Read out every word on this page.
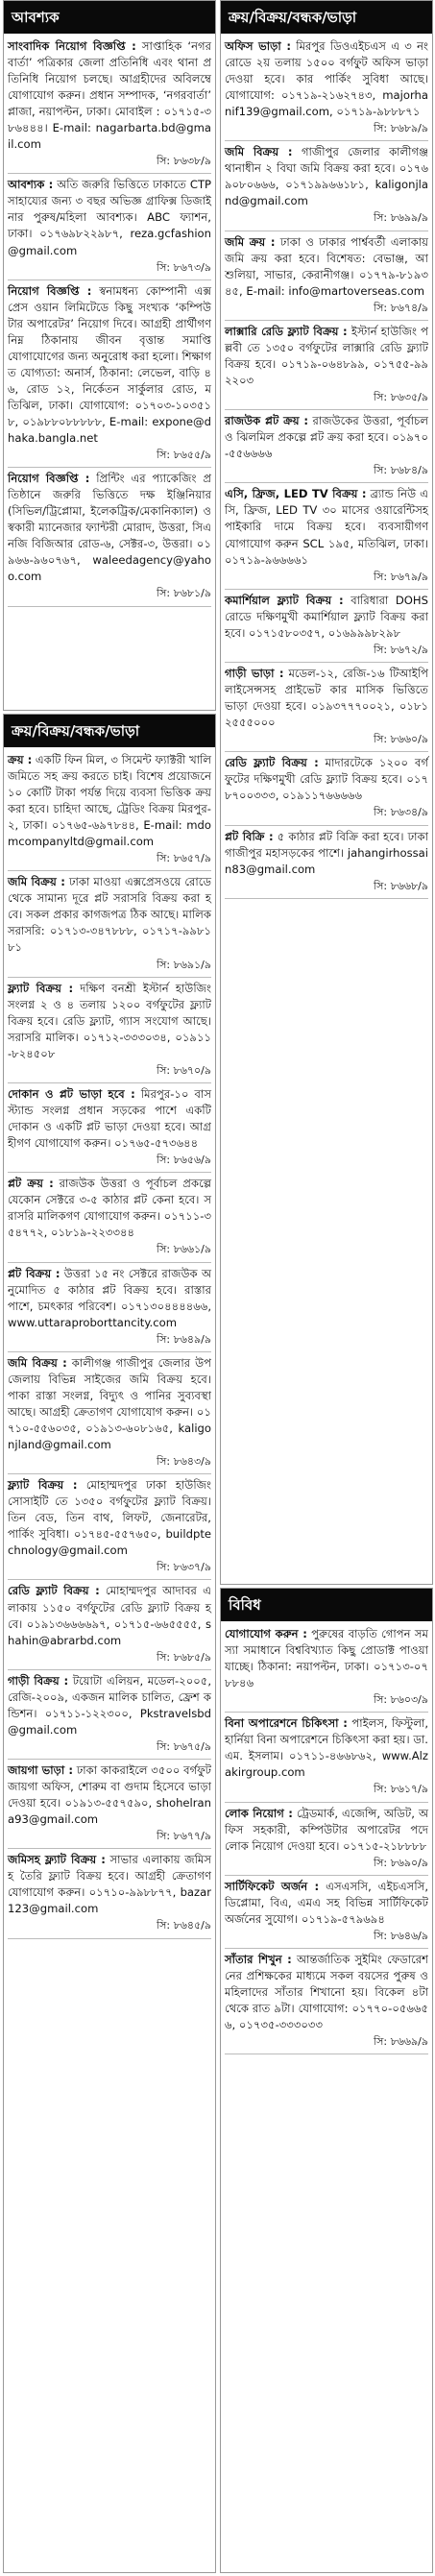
আবশ্যক
সাংবাদিক নিয়োগ বিজ্ঞপ্তি : সাপ্তাহিক ‘নগরবার্তা’ পত্রিকার জেলা প্রতিনিধি এবং থানা প্রতিনিধি নিয়োগ চলছে। আগ্রহীদের অবিলম্বে যোগাযোগ করুন। প্রধান সম্পাদক, ‘নগরবার্তা’ প্লাজা, নয়াপল্টন, ঢাকা। মোবাইল : ০১৭১৫-৩৮৬৪৪৪। E-mail: nagarbarta.bd@gmail.com
সি: ৮৬৩৮/৯
আবশ্যক : অতি জরুরি ভিত্তিতে ঢাকাতে CTP সাহায্যের জন্য ৩ বছর অভিজ্ঞ গ্রাফিক্স ডিজাইনার পুরুষ/মহিলা আবশ্যক। ABC ফ্যাশন, ঢাকা। ০১৭৬৯৮২২৯৮৭, reza.gcfashion@gmail.com
সি: ৮৬৭৩/৯
নিয়োগ বিজ্ঞপ্তি : স্বনামধন্য কোম্পানী এক্সপ্রেস ওয়ান লিমিটেডে কিছু সংখ্যক ‘কম্পিউটার অপারেটর’ নিয়োগ দিবে। আগ্রহী প্রার্থীগণ নিম্ন ঠিকানায় জীবন বৃত্তান্ত সমাপ্তি যোগাযোগের জন্য অনুরোধ করা হলো। শিক্ষাগত যোগ্যতা: অনার্স, ঠিকানা: লেভেল, বাড়ি ৪৬, রোড ১২, নির্কেতন সার্কুলার রোড, মতিঝিল, ঢাকা। যোগাযোগ: ০১৭০৩-১০৩৫১৮, ০১৯৮৮০৮৮৮৮৮, E-mail: expone@dhaka.bangla.net
সি: ৮৬৫৫/৯
নিয়োগ বিজ্ঞপ্তি : প্রিন্টিং এর প্যাকেজিং প্রতিষ্ঠানে জরুরি ভিত্তিতে দক্ষ ইঞ্জিনিয়ার (সিভিল/ট্রিপ্লোমা, ইলেকট্রিক/মেকানিক্যাল) ও স্বকারী ম্যানেজার ফ্যান্টরী মোরাদ, উত্তরা, সিএনজি বিজিআর রোড-৬, সেক্টর-৩, উত্তরা। ০১৯৬৬-৯৬০৭৬৭, waleedagency@yahoo.com
সি: ৮৬৮১/৯
ক্রয়/বিক্রয়/বন্ধক/ভাড়া
ক্রয় : একটি ফিন মিল, ৩ সিমেন্ট ফ্যাক্টরী খালি জমিতে সহ ক্রয় করতে চাই। বিশেষ প্রয়োজনে ১০ কোটি টাকা পর্যন্ত দিয়ে ব্যবসা ভিত্তিক ক্রয় করা হবে। চাহিদা আছে, ট্রেডিং বিক্রয় মিরপুর-২, ঢাকা। ০১৭৬৫-৬৯৭৮৪৪, E-mail: mdomcompanyltd@gmail.com
সি: ৮৬৫৭/৯
জমি বিক্রয় : ঢাকা মাওয়া এক্সপ্রেসওয়ে রোডে থেকে সামান্য দূরে প্লট সরাসরি বিক্রয় করা হবে। সকল প্রকার কাগজপত্র ঠিক আছে। মালিক সরাসরি: ০১৭১৩-৩৪৭৮৮৮, ০১৭১৭-৯৯৮১৮১
সি: ৮৬৯১/৯
ফ্ল্যাট বিক্রয় : দক্ষিণ বনশ্রী ইস্টার্ন হাউজিং সংলগ্ন ২ ও ৪ তলায় ১২০০ বর্গফুটের ফ্ল্যাট বিক্রয় হবে। রেডি ফ্ল্যাট, গ্যাস সংযোগ আছে। সরাসরি মালিক। ০১৭১২-৩৩৩০৩৪, ০১৯১১-৮২৪৫০৮
সি: ৮৬৭০/৯
দোকান ও প্লট ভাড়া হবে : মিরপুর-১০ বাসস্ট্যান্ড সংলগ্ন প্রধান সড়কের পাশে একটি দোকান ও একটি প্লট ভাড়া দেওয়া হবে। আগ্রহীগণ যোগাযোগ করুন। ০১৭৬৫-৫৭৩৬৪৪
সি: ৮৬৫৬/৯
প্লট ক্রয় : রাজউক উত্তরা ও পূর্বাচল প্রকল্পে যেকোন সেক্টরে ৩-৫ কাঠার প্লট কেনা হবে। সরাসরি মালিকগণ যোগাযোগ করুন। ০১৭১১-৩৫৪৭৭২, ০১৮১৯-২২৩৩৪৪
সি: ৮৬৬১/৯
প্লট বিক্রয় : উত্তরা ১৫ নং সেক্টরে রাজউক অনুমোদিত ৫ কাঠার প্লট বিক্রয় হবে। রাস্তার পাশে, চমৎকার পরিবেশ। ০১৭১৩০৪৪৪৪৬৬, www.uttaraproborttancity.com
সি: ৮৬৪৯/৯
জমি বিক্রয় : কালীগঞ্জ গাজীপুর জেলার উপজেলায় বিভিন্ন সাইজের জমি বিক্রয় হবে। পাকা রাস্তা সংলগ্ন, বিদ্যুৎ ও পানির সুব্যবস্থা আছে। আগ্রহী ক্রেতাগণ যোগাযোগ করুন। ০১৭১০-৫৫৬০৩৫, ০১৯১৩-৬০৮১৬৫, kaligonjland@gmail.com
সি: ৮৬৪৩/৯
ফ্ল্যাট বিক্রয় : মোহাম্মদপুর ঢাকা হাউজিং সোসাইটি তে ১৩৫০ বর্গফুটের ফ্ল্যাট বিক্রয়। তিন বেড, তিন বাথ, লিফট, জেনারেটর, পার্কিং সুবিধা। ০১৭৪৫-৫৫৭৬৫০, buildptechnology@gmail.com
সি: ৮৬৩৭/৯
রেডি ফ্ল্যাট বিক্রয় : মোহাম্মদপুর আদাবর এলাকায় ১১৫০ বর্গফুটের রেডি ফ্ল্যাট বিক্রয় হবে। ০১৯১৩৬৬৬৬৯৭, ০১৭১৫-৬৬৫৫৫৫, shahin@abrarbd.com
সি: ৮৬৮৫/৯
গাড়ী বিক্রয় : টয়োটা এলিয়ন, মডেল-২০০৫, রেজি-২০০৯, একজন মালিক চালিত, ফ্রেশ কন্ডিশন। ০১৭১১-১২২৩০০, Pkstravelsbd@gmail.com
সি: ৮৬৭৫/৯
জায়গা ভাড়া : ঢাকা কাকরাইলে ৩৫০০ বর্গফুট জায়গা অফিস, শোরুম বা গুদাম হিসেবে ভাড়া দেওয়া হবে। ০১৯১৩-৫৫৭৫৯০, shohelrana93@gmail.com
সি: ৮৬৭৭/৯
জমিসহ ফ্ল্যাট বিক্রয় : সাভার এলাকায় জমিসহ তৈরি ফ্ল্যাট বিক্রয় হবে। আগ্রহী ক্রেতাগণ যোগাযোগ করুন। ০১৭১০-৯৯৮৮৭৭, bazar123@gmail.com
সি: ৮৬৪৫/৯
ক্রয়/বিক্রয়/বন্ধক/ভাড়া
অফিস ভাড়া : মিরপুর ডিওএইচএস এ ৩ নং রোডে ২য় তলায় ১৫০০ বর্গফুট অফিস ভাড়া দেওয়া হবে। কার পার্কিং সুবিধা আছে। যোগাযোগ: ০১৭১৯-২১৬২৭৪৩, majorhanif139@gmail.com, ০১৭১৯-৯৮৮৮৭১
সি: ৮৬৮৯/৯
জমি বিক্রয় : গাজীপুর জেলার কালীগঞ্জ থানাধীন ২ বিঘা জমি বিক্রয় করা হবে। ০১৭৬৯০৮০৬৬৬, ০১৭১৯৯৬৬১৮১, kaligonjland@gmail.com
সি: ৮৬৯৯/৯
জমি ক্রয় : ঢাকা ও ঢাকার পার্শ্ববর্তী এলাকায় জমি ক্রয় করা হবে। বিশেষত: বেভাঞ্জ, আশুলিয়া, সাভার, কেরানীগঞ্জ। ০১৭৭৯-৮১৯৩৪৫, E-mail: info@martoverseas.com
সি: ৮৬৭৪/৯
লাক্সারি রেডি ফ্ল্যাট বিক্রয় : ইস্টার্ন হাউজিং পল্লবী তে ১৩৫০ বর্গফুটের লাক্সারি রেডি ফ্ল্যাট বিক্রয় হবে। ০১৭১৯-০৬৪৮৯৯, ০১৭৫৫-৯৯২২০৩
সি: ৮৬৩৫/৯
রাজউক প্লট ক্রয় : রাজউকের উত্তরা, পূর্বাচল ও ঝিলমিল প্রকল্পে প্লট ক্রয় করা হবে। ০১৯৭০-৫৫৬৬৬৬
সি: ৮৬৮৪/৯
এসি, ফ্রিজ, LED TV বিক্রয় : ব্র্যান্ড নিউ এসি, ফ্রিজ, LED TV ৩০ মাসের ওয়ারেন্টিসহ পাইকারি দামে বিক্রয় হবে। ব্যবসায়ীগণ যোগাযোগ করুন SCL ১৯৫, মতিঝিল, ঢাকা। ০১৭১৯-৯৬৬৬৬১
সি: ৮৬৭৯/৯
কমার্শিয়াল ফ্ল্যাট বিক্রয় : বারিধারা DOHS রোডে দক্ষিণমুখী কমার্শিয়াল ফ্ল্যাট বিক্রয় করা হবে। ০১৭১৫৮০৩৫৭, ০১৬৯৯৯৮২৯৮
সি: ৮৬৭২/৯
গাড়ী ভাড়া : মডেল-১২, রেজি-১৬ টিআইপি লাইসেন্সসহ প্রাইভেট কার মাসিক ভিত্তিতে ভাড়া দেওয়া হবে। ০১৯৩৭৭৭০০২১, ০১৮১২৫৫৫০০০
সি: ৮৬৬০/৯
রেডি ফ্ল্যাট বিক্রয় : মাদারটেকে ১২০০ বর্গফুটের দক্ষিণমুখী রেডি ফ্ল্যাট বিক্রয় হবে। ০১৭৮৭০০৩৩৩, ০১৯১১৭৬৬৬৬৬
সি: ৮৬৩৪/৯
প্লট বিক্রি : ৫ কাঠার প্লট বিক্রি করা হবে। ঢাকা গাজীপুর মহাসড়কের পাশে। jahangirhossain83@gmail.com
সি: ৮৬৬৮/৯
বিবিধ
যোগাযোগ করুন : পুরুষের বাড়তি গোপন সমস্যা সমাধানে বিশ্ববিখ্যাত কিছু প্রোডাক্ট পাওয়া যাচ্ছে। ঠিকানা: নয়াপল্টন, ঢাকা। ০১৭১৩-০৭৮৮৪৬
সি: ৮৬০৩/৯
বিনা অপারেশনে চিকিৎসা : পাইলস, ফিস্টুলা, হার্নিয়া বিনা অপারেশনে চিকিৎসা করা হয়। ডা. এম. ইসলাম। ০১৭১১-৪৬৬৮৬২, www.Alzakirgroup.com
সি: ৮৬১৭/৯
লোক নিয়োগ : ট্রেডমার্ক, এজেন্সি, অডিট, অফিস সহকারী, কম্পিউটার অপারেটর পদে লোক নিয়োগ দেওয়া হবে। ০১৭১৫-২১৮৮৮৮
সি: ৮৬৯০/৯
সার্টিফিকেট অর্জন : এসএসসি, এইচএসসি, ডিপ্লোমা, বিএ, এমএ সহ বিভিন্ন সার্টিফিকেট অর্জনের সুযোগ। ০১৭১৯-৫৭৯৬৯৪
সি: ৮৬৪৬/৯
সাঁতার শিখুন : আন্তর্জাতিক সুইমিং ফেডারেশনের প্রশিক্ষকের মাধ্যমে সকল বয়সের পুরুষ ও মহিলাদের সাঁতার শিখানো হয়। বিকেল ৪টা থেকে রাত ৯টা। যোগাযোগ: ০১৭৭০-০৫৬৬৫৬, ০১৭৩৫-৩৩৩০৩৩
সি: ৮৬৬৯/৯
